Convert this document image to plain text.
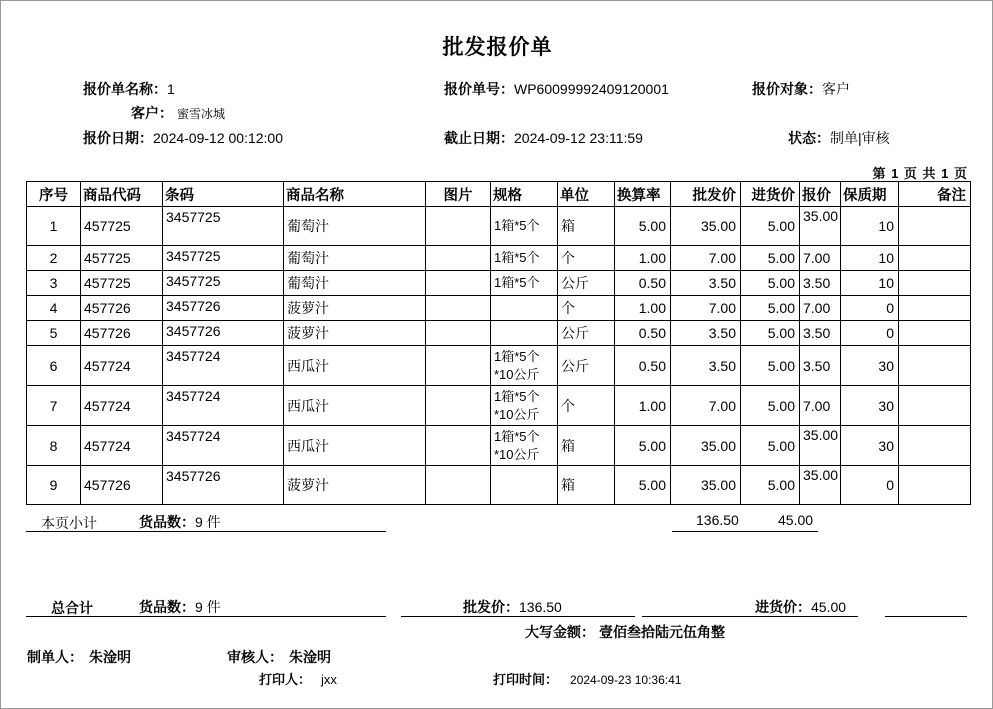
批发报价单
报价单名称：1	报价单号：WP60099992409120001	报价对象：客户
客户： 蜜雪冰城
报价日期：2024-09-12 00:12:00	截止日期：2024-09-12 23:11:59	状态：制单|审核
第 1 页 共 1 页
序号	商品代码	条码	商品名称	图片	规格	单位	换算率	批发价	进货价	报价	保质期	备注
1	457725	3457725	葡萄汁		1箱*5个	箱	5.00	35.00	5.00	35.00	10	
2	457725	3457725	葡萄汁		1箱*5个	个	1.00	7.00	5.00	7.00	10	
3	457725	3457725	葡萄汁		1箱*5个	公斤	0.50	3.50	5.00	3.50	10	
4	457726	3457726	菠萝汁			个	1.00	7.00	5.00	7.00	0	
5	457726	3457726	菠萝汁			公斤	0.50	3.50	5.00	3.50	0	
6	457724	3457724	西瓜汁		1箱*5个*10公斤	公斤	0.50	3.50	5.00	3.50	30	
7	457724	3457724	西瓜汁		1箱*5个*10公斤	个	1.00	7.00	5.00	7.00	30	
8	457724	3457724	西瓜汁		1箱*5个*10公斤	箱	5.00	35.00	5.00	35.00	30	
9	457726	3457726	菠萝汁			箱	5.00	35.00	5.00	35.00	0	
本页小计	货品数：9 件	136.50	45.00
总合计	货品数：9 件	批发价：136.50	进货价：45.00
大写金额： 壹佰叁拾陆元伍角整
制单人： 朱淦明	审核人： 朱淦明
打印人： jxx	打印时间： 2024-09-23 10:36:41
